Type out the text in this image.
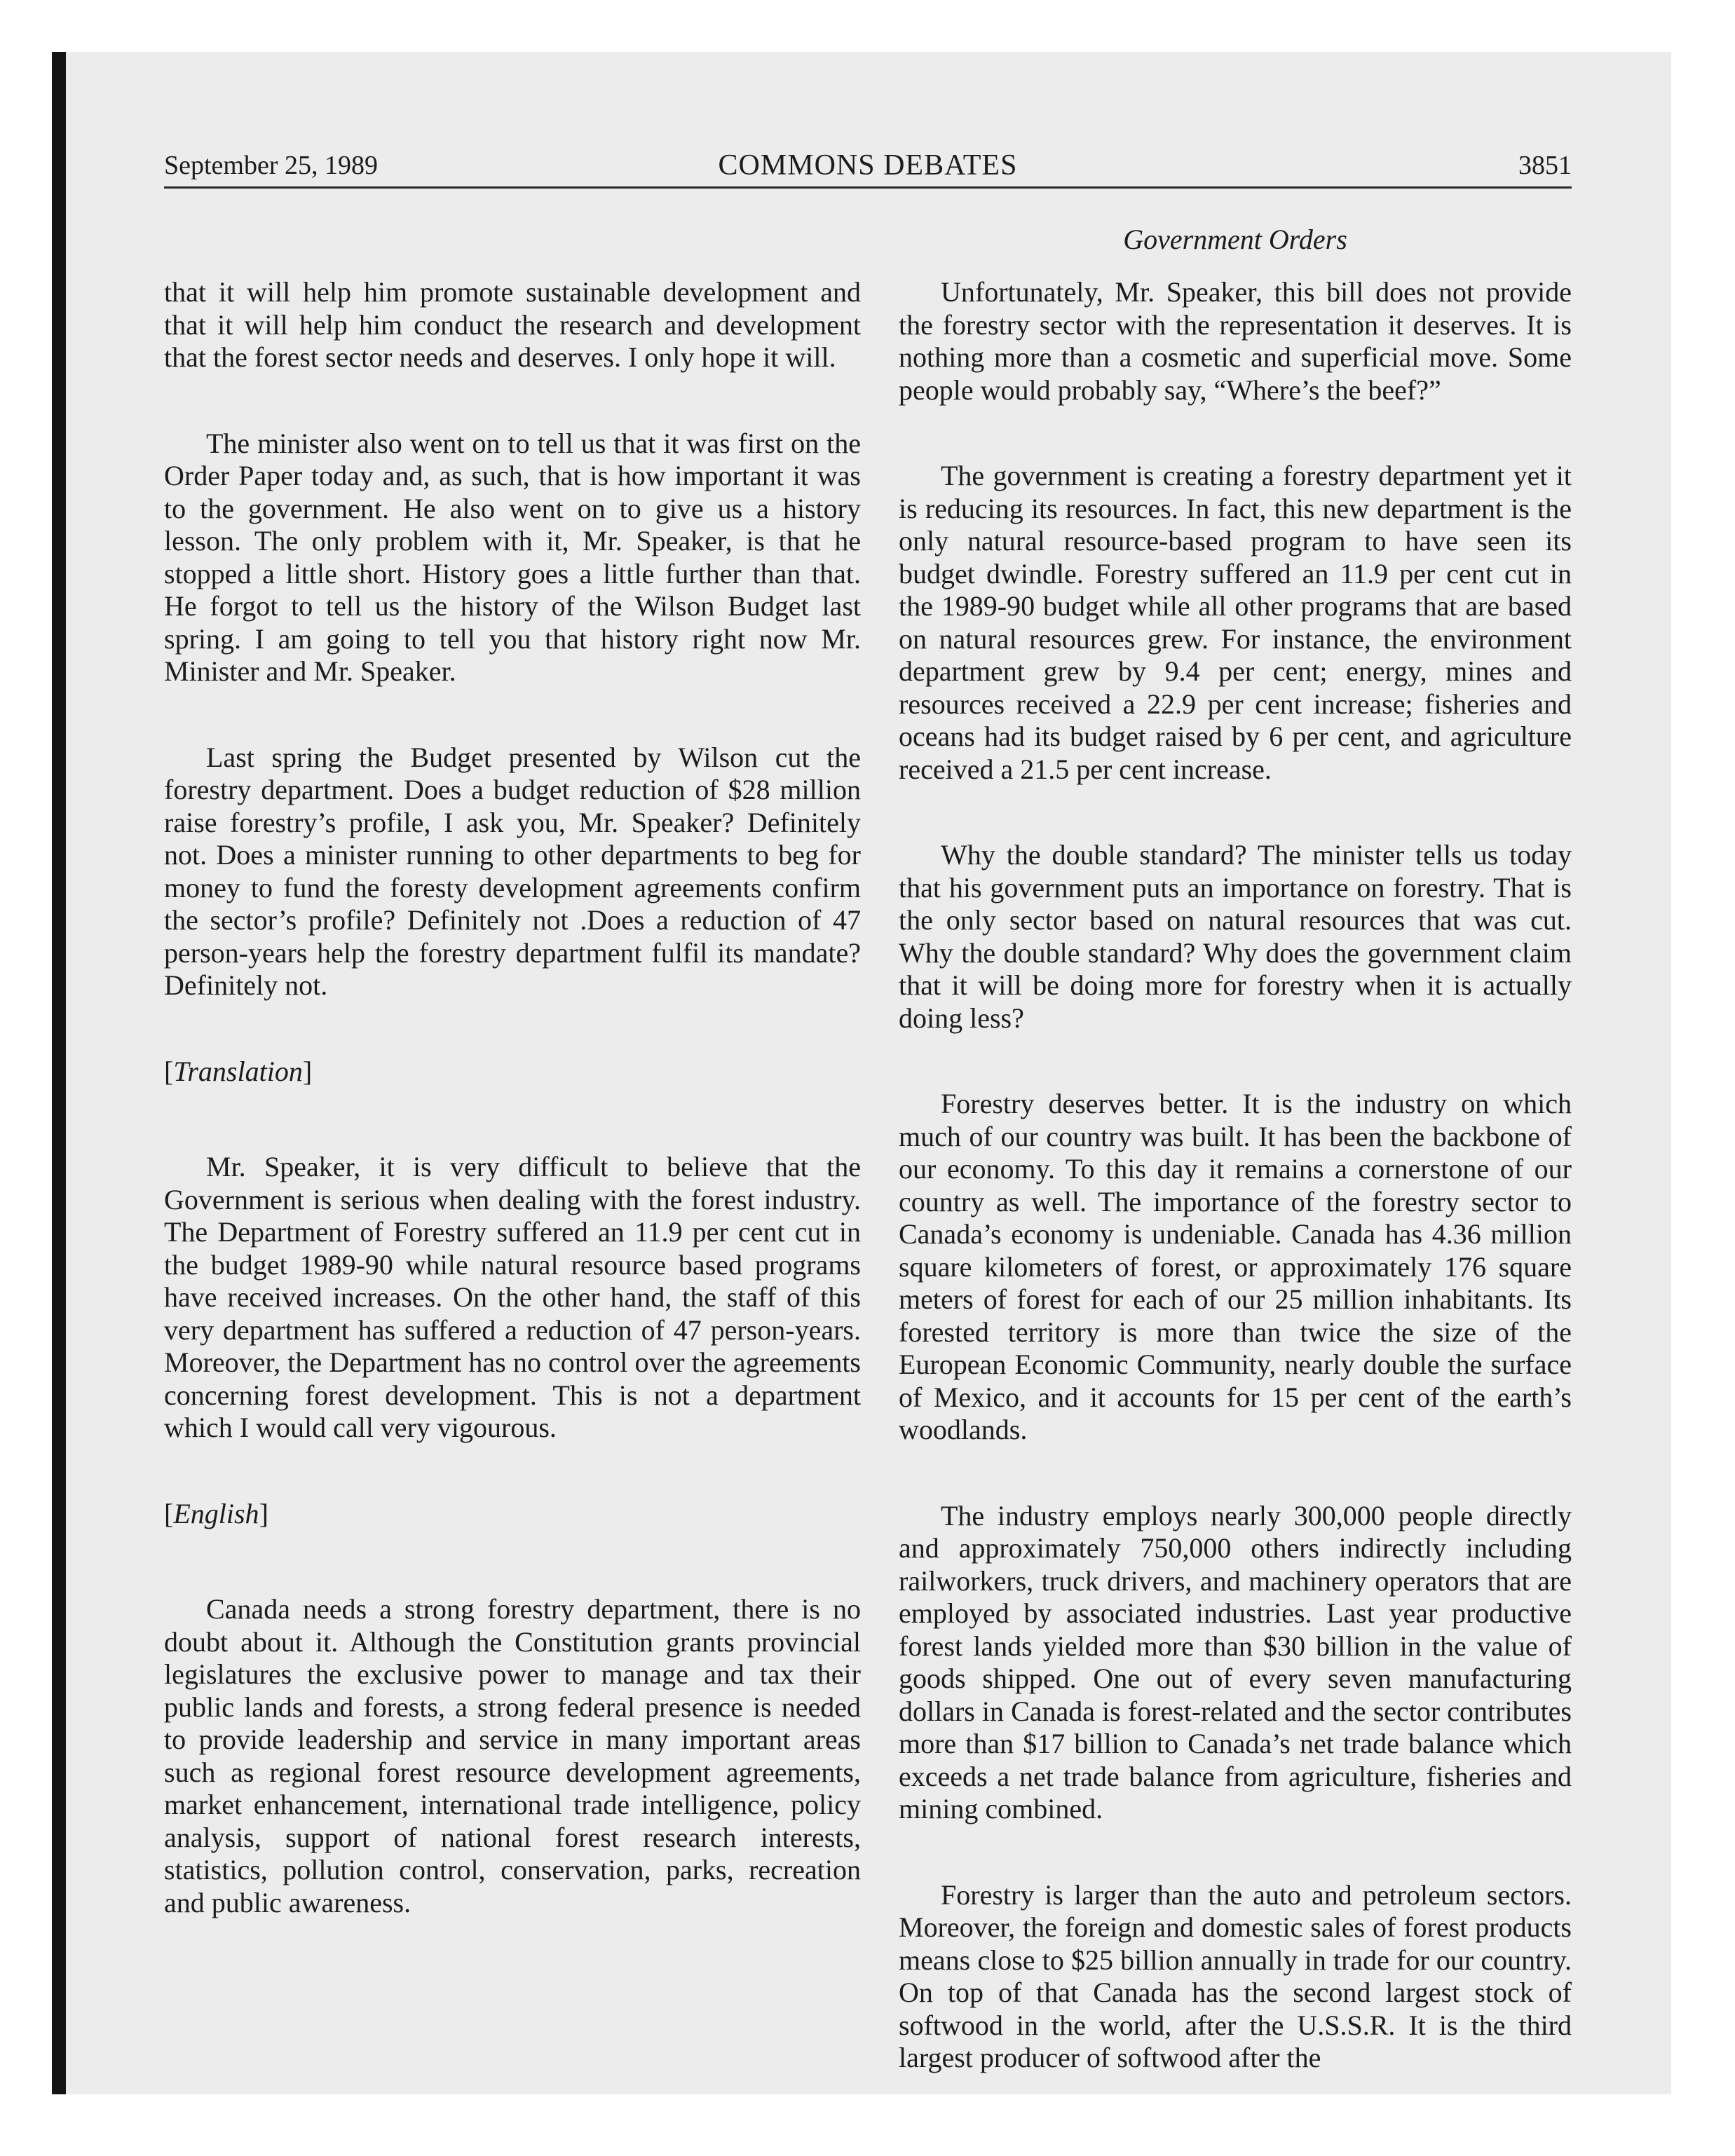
September 25, 1989	COMMONS DEBATES	3851
Government Orders

that it will help him promote sustainable development and that it will help him conduct the research and development that the forest sector needs and deserves. I only hope it will.

The minister also went on to tell us that it was first on the Order Paper today and, as such, that is how important it was to the government. He also went on to give us a history lesson. The only problem with it, Mr. Speaker, is that he stopped a little short. History goes a little further than that. He forgot to tell us the history of the Wilson Budget last spring. I am going to tell you that history right now Mr. Minister and Mr. Speaker.

Last spring the Budget presented by Wilson cut the forestry department. Does a budget reduction of $28 million raise forestry’s profile, I ask you, Mr. Speaker? Definitely not. Does a minister running to other departments to beg for money to fund the foresty development agreements confirm the sector’s profile? Definitely not .Does a reduction of 47 person-years help the forestry department fulfil its mandate? Definitely not.

[Translation]

Mr. Speaker, it is very difficult to believe that the Government is serious when dealing with the forest industry. The Department of Forestry suffered an 11.9 per cent cut in the budget 1989-90 while natural resource based programs have received increases. On the other hand, the staff of this very department has suffered a reduction of 47 person-years. Moreover, the Department has no control over the agreements concerning forest development. This is not a department which I would call very vigourous.

[English]

Canada needs a strong forestry department, there is no doubt about it. Although the Constitution grants provincial legislatures the exclusive power to manage and tax their public lands and forests, a strong federal presence is needed to provide leadership and service in many important areas such as regional forest resource development agreements, market enhancement, international trade intelligence, policy analysis, support of national forest research interests, statistics, pollution control, conservation, parks, recreation and public awareness.

Unfortunately, Mr. Speaker, this bill does not provide the forestry sector with the representation it deserves. It is nothing more than a cosmetic and superficial move. Some people would probably say, “Where’s the beef?”

The government is creating a forestry department yet it is reducing its resources. In fact, this new department is the only natural resource-based program to have seen its budget dwindle. Forestry suffered an 11.9 per cent cut in the 1989-90 budget while all other programs that are based on natural resources grew. For instance, the environment department grew by 9.4 per cent; energy, mines and resources received a 22.9 per cent increase; fisheries and oceans had its budget raised by 6 per cent, and agriculture received a 21.5 per cent increase.

Why the double standard? The minister tells us today that his government puts an importance on forestry. That is the only sector based on natural resources that was cut. Why the double standard? Why does the government claim that it will be doing more for forestry when it is actually doing less?

Forestry deserves better. It is the industry on which much of our country was built. It has been the backbone of our economy. To this day it remains a cornerstone of our country as well. The importance of the forestry sector to Canada’s economy is undeniable. Canada has 4.36 million square kilometers of forest, or approximately 176 square meters of forest for each of our 25 million inhabitants. Its forested territory is more than twice the size of the European Economic Community, nearly double the surface of Mexico, and it accounts for 15 per cent of the earth’s woodlands.

The industry employs nearly 300,000 people directly and approximately 750,000 others indirectly including railworkers, truck drivers, and machinery operators that are employed by associated industries. Last year productive forest lands yielded more than $30 billion in the value of goods shipped. One out of every seven manufacturing dollars in Canada is forest-related and the sector contributes more than $17 billion to Canada’s net trade balance which exceeds a net trade balance from agriculture, fisheries and mining combined.

Forestry is larger than the auto and petroleum sectors. Moreover, the foreign and domestic sales of forest products means close to $25 billion annually in trade for our country. On top of that Canada has the second largest stock of softwood in the world, after the U.S.S.R. It is the third largest producer of softwood after the
